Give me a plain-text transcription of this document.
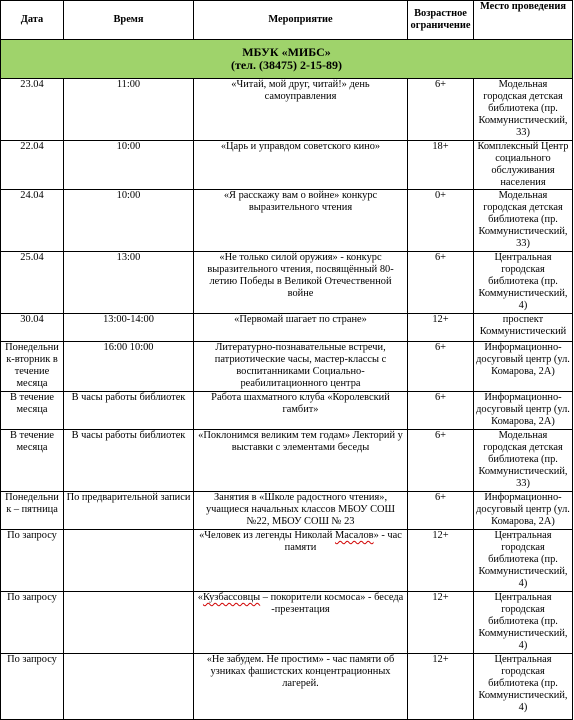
Дата	Время	Мероприятие	Возрастное ограничение	Место проведения

МБУК «МИБС»
(тел. (38475) 2-15-89)				

23.04	11:00	«Читай, мой друг, читай!» день самоуправления	6+	Модельная городская детская библиотека (пр. Коммунистический, 33)
22.04	10:00	«Царь и управдом советского кино»	18+	Комплексный Центр социального обслуживания населения
24.04	10:00	«Я расскажу вам о войне» конкурс выразительного чтения	0+	Модельная городская детская библиотека (пр. Коммунистический, 33)
25.04	13:00	«Не только силой оружия» - конкурс выразительного чтения, посвящённый 80-летию Победы в Великой Отечественной войне	6+	Центральная городская библиотека (пр. Коммунистический, 4)
30.04	13:00-14:00	«Первомай шагает по стране»	12+	проспект Коммунистический
Понедельник-вторник в течение месяца	16:00 10:00	Литературно-познавательные встречи, патриотические часы, мастер-классы с воспитанниками Социально-реабилитационного центра	6+	Информационно-досуговый центр (ул. Комарова, 2А)
В течение месяца	В часы работы библиотек	Работа шахматного клуба «Королевский гамбит»	6+	Информационно-досуговый центр (ул. Комарова, 2А)
В течение месяца	В часы работы библиотек	«Поклонимся великим тем годам» Лекторий у выставки с элементами беседы	6+	Модельная городская детская библиотека (пр. Коммунистический, 33)
Понедельник – пятница	По предварительной записи	Занятия в «Школе радостного чтения», учащиеся начальных классов МБОУ СОШ №22, МБОУ СОШ № 23	6+	Информационно-досуговый центр (ул. Комарова, 2А)
По запросу		«Человек из легенды Николай Масалов» - час памяти	12+	Центральная городская библиотека (пр. Коммунистический, 4)
По запросу		«Кузбассовцы – покорители космоса» - беседа -презентация	12+	Центральная городская библиотека (пр. Коммунистический, 4)
По запросу		«Не забудем. Не простим» - час памяти об узниках фашистских концентрационных лагерей.	12+	Центральная городская библиотека (пр. Коммунистический, 4)
